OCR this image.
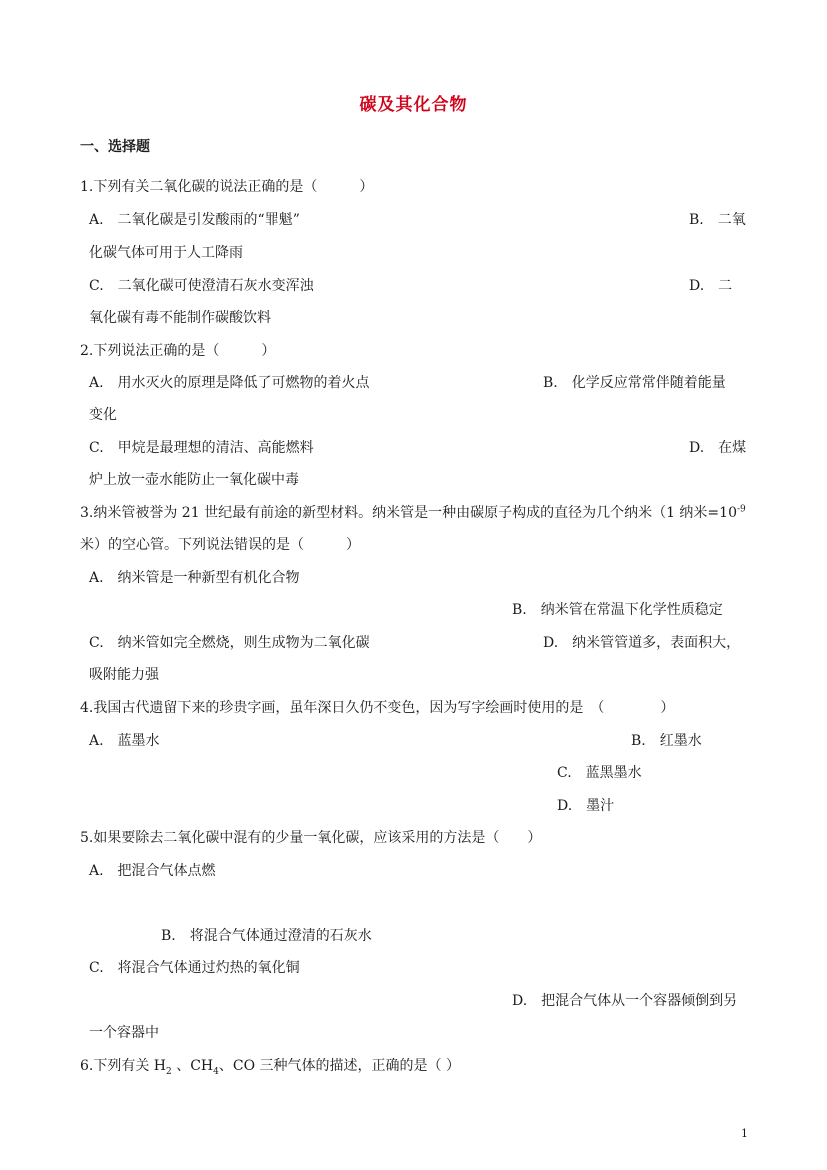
碳及其化合物
一、选择题
1.下列有关二氧化碳的说法正确的是（　　　）
A.　二氧化碳是引发酸雨的“罪魁”	B.　二氧
化碳气体可用于人工降雨
C.　二氧化碳可使澄清石灰水变浑浊	D.　二
氧化碳有毒不能制作碳酸饮料
2.下列说法正确的是（　　　）
A.　用水灭火的原理是降低了可燃物的着火点	B.　化学反应常常伴随着能量
变化
C.　甲烷是最理想的清洁、高能燃料	D.　在煤
炉上放一壶水能防止一氧化碳中毒
3.纳米管被誉为 21 世纪最有前途的新型材料。纳米管是一种由碳原子构成的直径为几个纳米（1 纳米$=10^{-9}$
米）的空心管。下列说法错误的是（　　　）
A.　纳米管是一种新型有机化合物
B.　纳米管在常温下化学性质稳定
C.　纳米管如完全燃烧，则生成物为二氧化碳	D.　纳米管管道多，表面积大，
吸附能力强
4.我国古代遗留下来的珍贵字画，虽年深日久仍不变色，因为写字绘画时使用的是　（　　　　）
A.　蓝墨水	B.　红墨水
C.　蓝黑墨水
D.　墨汁
5.如果要除去二氧化碳中混有的少量一氧化碳，应该采用的方法是（　　）
A.　把混合气体点燃
B.　将混合气体通过澄清的石灰水
C.　将混合气体通过灼热的氧化铜
D.　把混合气体从一个容器倾倒到另
一个容器中
6.下列有关 $H_2$ 、$CH_4$、CO 三种气体的描述，正确的是（ ）
1
